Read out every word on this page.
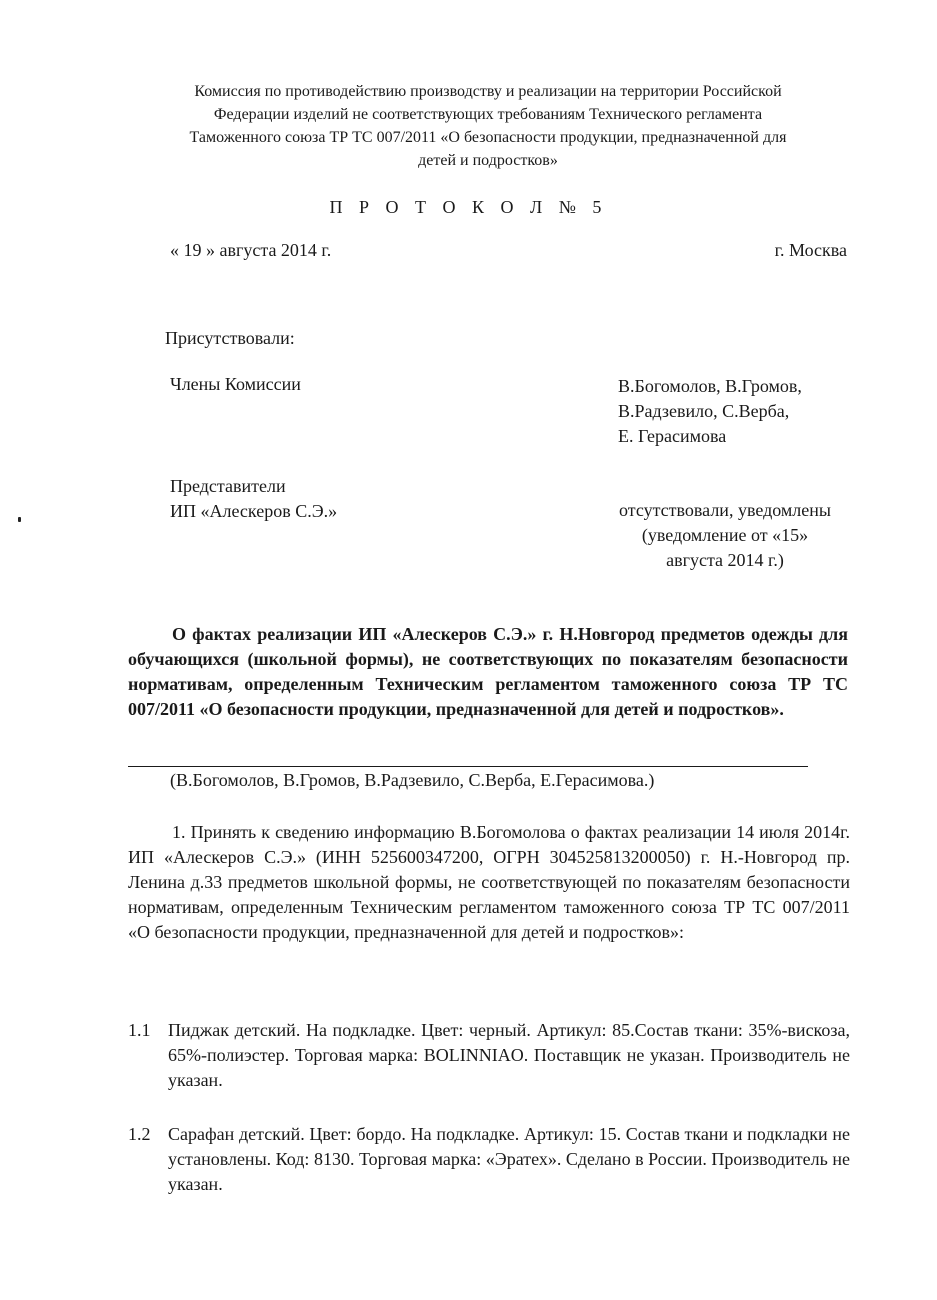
Комиссия по противодействию производству и реализации на территории Российской
Федерации изделий не соответствующих требованиям Технического регламента
Таможенного союза ТР ТС 007/2011 «О безопасности продукции, предназначенной для
детей и подростков»
П Р О Т О К О Л № 5
« 19 » августа 2014 г.	г. Москва
Присутствовали:
Члены Комиссии	В.Богомолов, В.Громов,
В.Радзевило, С.Верба,
Е. Герасимова
Представители
ИП «Алескеров С.Э.»	отсутствовали, уведомлены
(уведомление от «15»
августа 2014 г.)
О фактах реализации ИП «Алескеров С.Э.» г. Н.Новгород предметов одежды для обучающихся (школьной формы), не соответствующих по показателям безопасности нормативам, определенным Техническим регламентом таможенного союза ТР ТС 007/2011 «О безопасности продукции, предназначенной для детей и подростков».
(В.Богомолов, В.Громов, В.Радзевило, С.Верба, Е.Герасимова.)
1. Принять к сведению информацию В.Богомолова о фактах реализации 14 июля 2014г. ИП «Алескеров С.Э.» (ИНН 525600347200, ОГРН 304525813200050) г. Н.-Новгород пр. Ленина д.33 предметов школьной формы, не соответствующей по показателям безопасности нормативам, определенным Техническим регламентом таможенного союза ТР ТС 007/2011 «О безопасности продукции, предназначенной для детей и подростков»:
1.1 Пиджак детский. На подкладке. Цвет: черный. Артикул: 85.Состав ткани: 35%-вискоза, 65%-полиэстер. Торговая марка: BOLINNIAO. Поставщик не указан. Производитель не указан.
1.2 Сарафан детский. Цвет: бордо. На подкладке. Артикул: 15. Состав ткани и подкладки не установлены. Код: 8130. Торговая марка: «Эратех». Сделано в России. Производитель не указан.
